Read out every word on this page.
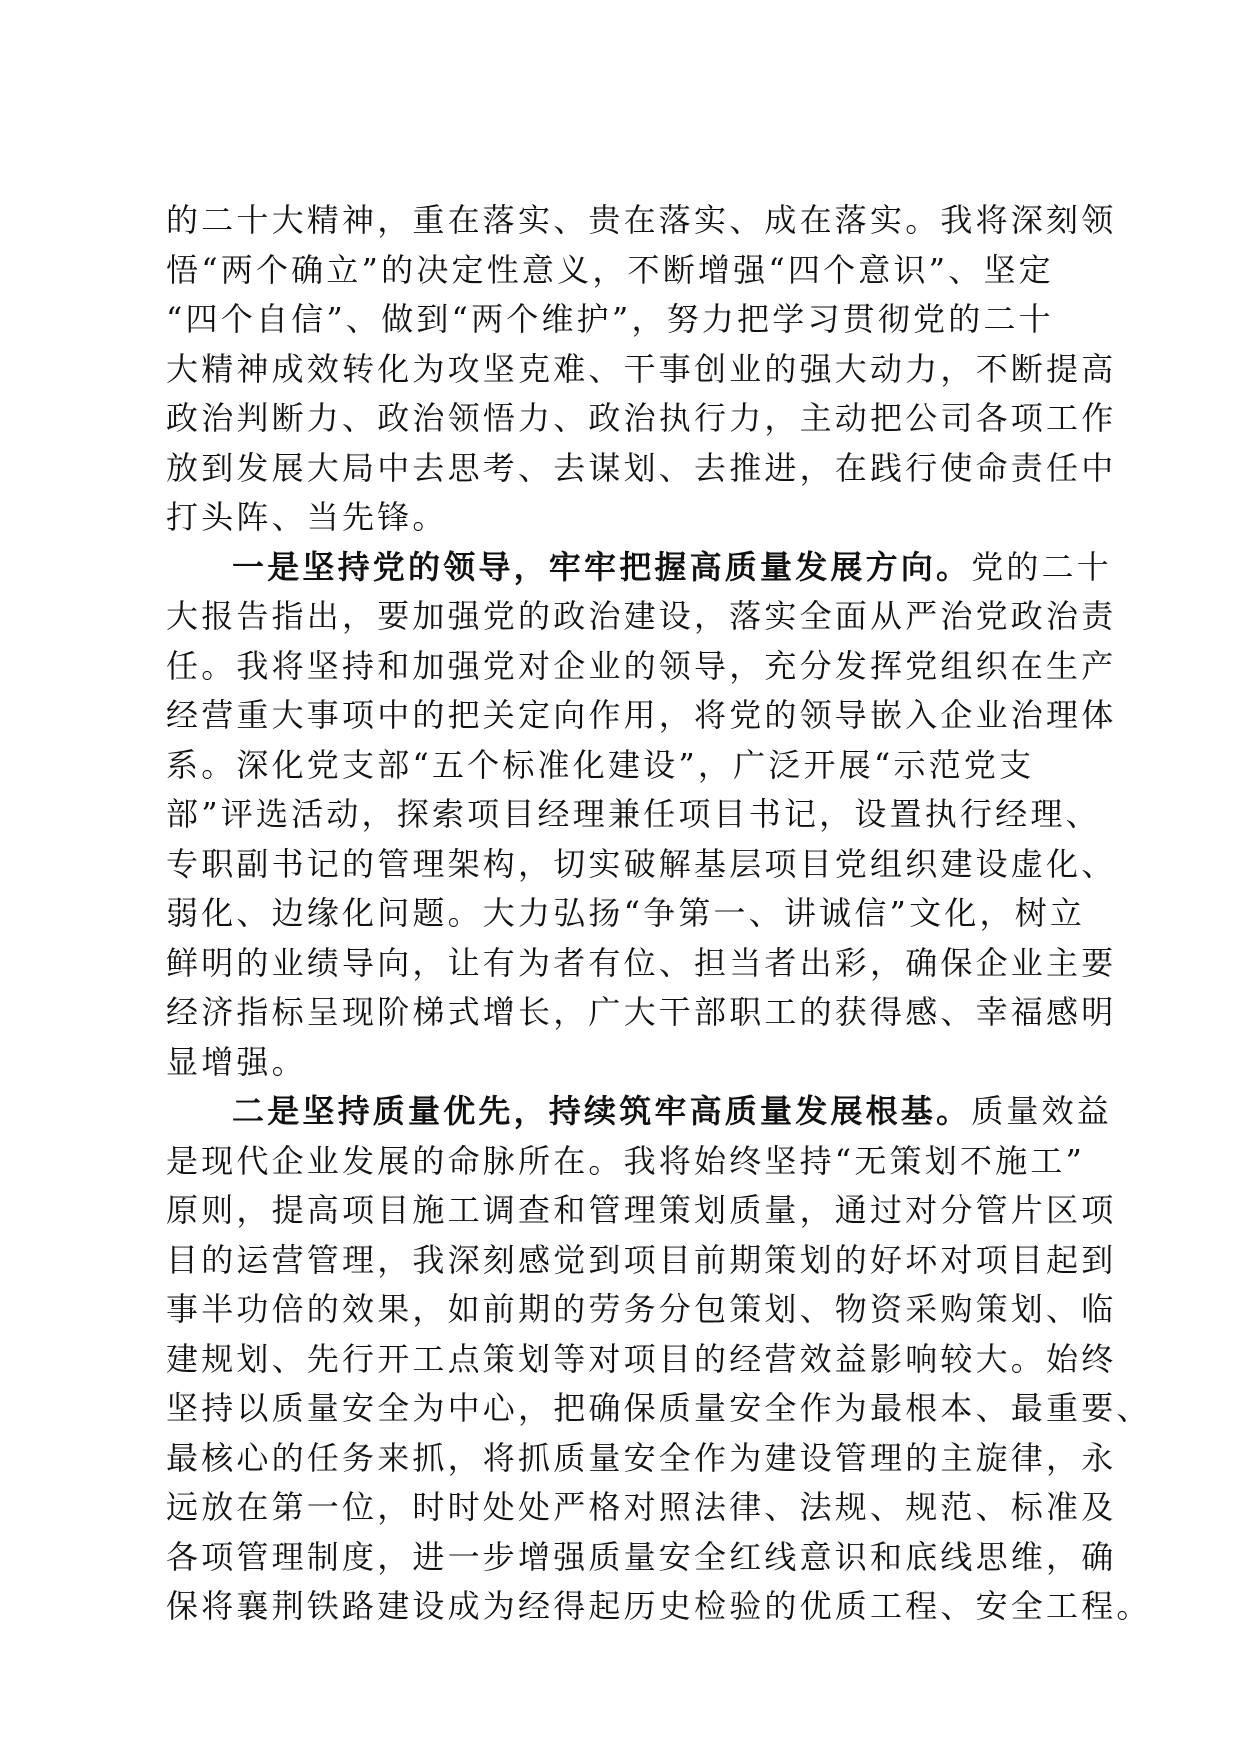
的二十大精神，重在落实、贵在落实、成在落实。我将深刻领
悟“两个确立”的决定性意义，不断增强“四个意识”、坚定
“四个自信”、做到“两个维护”，努力把学习贯彻党的二十
大精神成效转化为攻坚克难、干事创业的强大动力，不断提高
政治判断力、政治领悟力、政治执行力，主动把公司各项工作
放到发展大局中去思考、去谋划、去推进，在践行使命责任中
打头阵、当先锋。
一是坚持党的领导，牢牢把握高质量发展方向。党的二十
大报告指出，要加强党的政治建设，落实全面从严治党政治责
任。我将坚持和加强党对企业的领导，充分发挥党组织在生产
经营重大事项中的把关定向作用，将党的领导嵌入企业治理体
系。深化党支部“五个标准化建设”，广泛开展“示范党支
部”评选活动，探索项目经理兼任项目书记，设置执行经理、
专职副书记的管理架构，切实破解基层项目党组织建设虚化、
弱化、边缘化问题。大力弘扬“争第一、讲诚信”文化，树立
鲜明的业绩导向，让有为者有位、担当者出彩，确保企业主要
经济指标呈现阶梯式增长，广大干部职工的获得感、幸福感明
显增强。
二是坚持质量优先，持续筑牢高质量发展根基。质量效益
是现代企业发展的命脉所在。我将始终坚持“无策划不施工”
原则，提高项目施工调查和管理策划质量，通过对分管片区项
目的运营管理，我深刻感觉到项目前期策划的好坏对项目起到
事半功倍的效果，如前期的劳务分包策划、物资采购策划、临
建规划、先行开工点策划等对项目的经营效益影响较大。始终
坚持以质量安全为中心，把确保质量安全作为最根本、最重要、
最核心的任务来抓，将抓质量安全作为建设管理的主旋律，永
远放在第一位，时时处处严格对照法律、法规、规范、标准及
各项管理制度，进一步增强质量安全红线意识和底线思维，确
保将襄荆铁路建设成为经得起历史检验的优质工程、安全工程。
